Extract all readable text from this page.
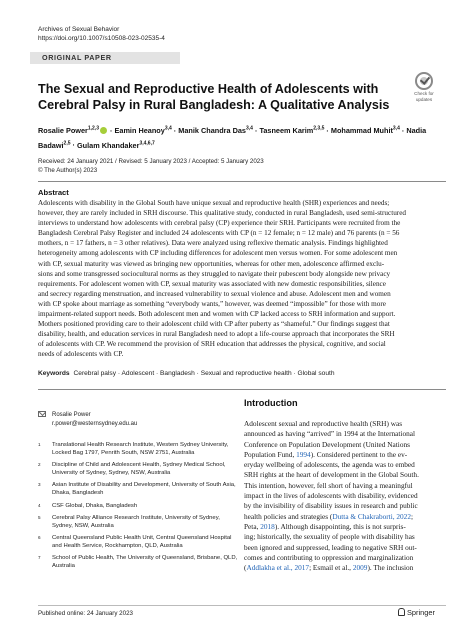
Archives of Sexual Behavior
https://doi.org/10.1007/s10508-023-02535-4
ORIGINAL PAPER
Check for
updates
The Sexual and Reproductive Health of Adolescents with Cerebral Palsy in Rural Bangladesh: A Qualitative Analysis
Rosalie Power$^{1,2,3}$ · Eamin Heanoy$^{3,4}$ · Manik Chandra Das$^{3,4}$ · Tasneem Karim$^{2,3,5}$ · Mohammad Muhit$^{3,4}$ · Nadia Badawi$^{2,5}$ · Gulam Khandaker$^{3,4,6,7}$
Received: 24 January 2021 / Revised: 5 January 2023 / Accepted: 5 January 2023
© The Author(s) 2023
Abstract
Adolescents with disability in the Global South have unique sexual and reproductive health (SHR) experiences and needs;
however, they are rarely included in SRH discourse. This qualitative study, conducted in rural Bangladesh, used semi-structured
interviews to understand how adolescents with cerebral palsy (CP) experience their SRH. Participants were recruited from the
Bangladesh Cerebral Palsy Register and included 24 adolescents with CP (n = 12 female; n = 12 male) and 76 parents (n = 56
mothers, n = 17 fathers, n = 3 other relatives). Data were analyzed using reflexive thematic analysis. Findings highlighted
heterogeneity among adolescents with CP including differences for adolescent men versus women. For some adolescent men
with CP, sexual maturity was viewed as bringing new opportunities, whereas for other men, adolescence affirmed exclu-
sions and some transgressed sociocultural norms as they struggled to navigate their pubescent body alongside new privacy
requirements. For adolescent women with CP, sexual maturity was associated with new domestic responsibilities, silence
and secrecy regarding menstruation, and increased vulnerability to sexual violence and abuse. Adolescent men and women
with CP spoke about marriage as something “everybody wants,” however, was deemed “impossible” for those with more
impairment-related support needs. Both adolescent men and women with CP lacked access to SRH information and support.
Mothers positioned providing care to their adolescent child with CP after puberty as “shameful.” Our findings suggest that
disability, health, and education services in rural Bangladesh need to adopt a life-course approach that incorporates the SRH
of adolescents with CP. We recommend the provision of SRH education that addresses the physical, cognitive, and social
needs of adolescents with CP.
Keywords Cerebral palsy · Adolescent · Bangladesh · Sexual and reproductive health · Global south
Rosalie Power
r.power@westernsydney.edu.au
1	Translational Health Research Institute, Western Sydney University, Locked Bag 1797, Penrith South, NSW 2751, Australia
2	Discipline of Child and Adolescent Health, Sydney Medical School, University of Sydney, Sydney, NSW, Australia
3	Asian Institute of Disability and Development, University of South Asia, Dhaka, Bangladesh
4	CSF Global, Dhaka, Bangladesh
5	Cerebral Palsy Alliance Research Institute, University of Sydney, Sydney, NSW, Australia
6	Central Queensland Public Health Unit, Central Queensland Hospital and Health Service, Rockhampton, QLD, Australia
7	School of Public Health, The University of Queensland, Brisbane, QLD, Australia
Introduction
Adolescent sexual and reproductive health (SRH) was
announced as having “arrived” in 1994 at the International
Conference on Population Development (United Nations
Population Fund, 1994). Considered pertinent to the ev-
eryday wellbeing of adolescents, the agenda was to embed
SRH rights at the heart of development in the Global South.
This intention, however, fell short of having a meaningful
impact in the lives of adolescents with disability, evidenced
by the invisibility of disability issues in research and public
health policies and strategies (Dutta & Chakraborti, 2022;
Peta, 2018). Although disappointing, this is not surpris-
ing; historically, the sexuality of people with disability has
been ignored and suppressed, leading to negative SRH out-
comes and contributing to oppression and marginalization
(Addlakha et al., 2017; Esmail et al., 2009). The inclusion
Published online: 24 January 2023	Springer
